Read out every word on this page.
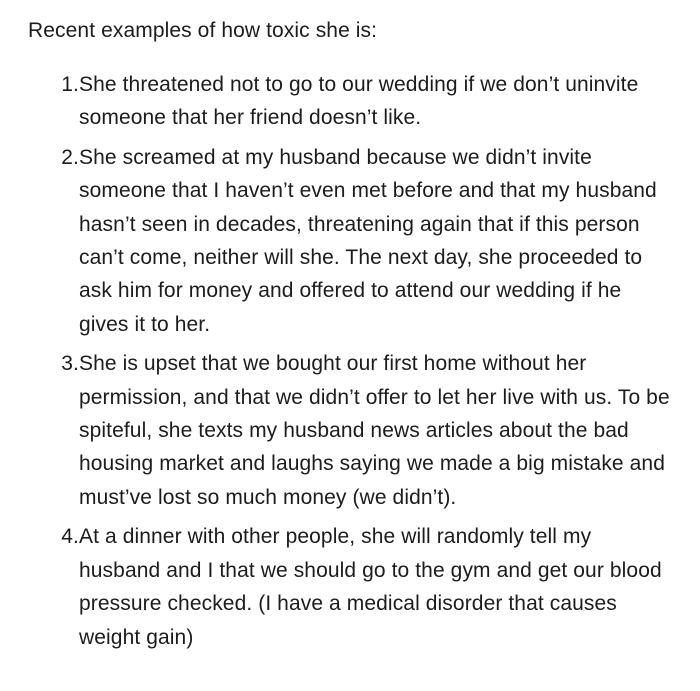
Recent examples of how toxic she is:

1. She threatened not to go to our wedding if we don’t uninvite someone that her friend doesn’t like.
2. She screamed at my husband because we didn’t invite someone that I haven’t even met before and that my husband hasn’t seen in decades, threatening again that if this person can’t come, neither will she. The next day, she proceeded to ask him for money and offered to attend our wedding if he gives it to her.
3. She is upset that we bought our first home without her permission, and that we didn’t offer to let her live with us. To be spiteful, she texts my husband news articles about the bad housing market and laughs saying we made a big mistake and must’ve lost so much money (we didn’t).
4. At a dinner with other people, she will randomly tell my husband and I that we should go to the gym and get our blood pressure checked. (I have a medical disorder that causes weight gain)
